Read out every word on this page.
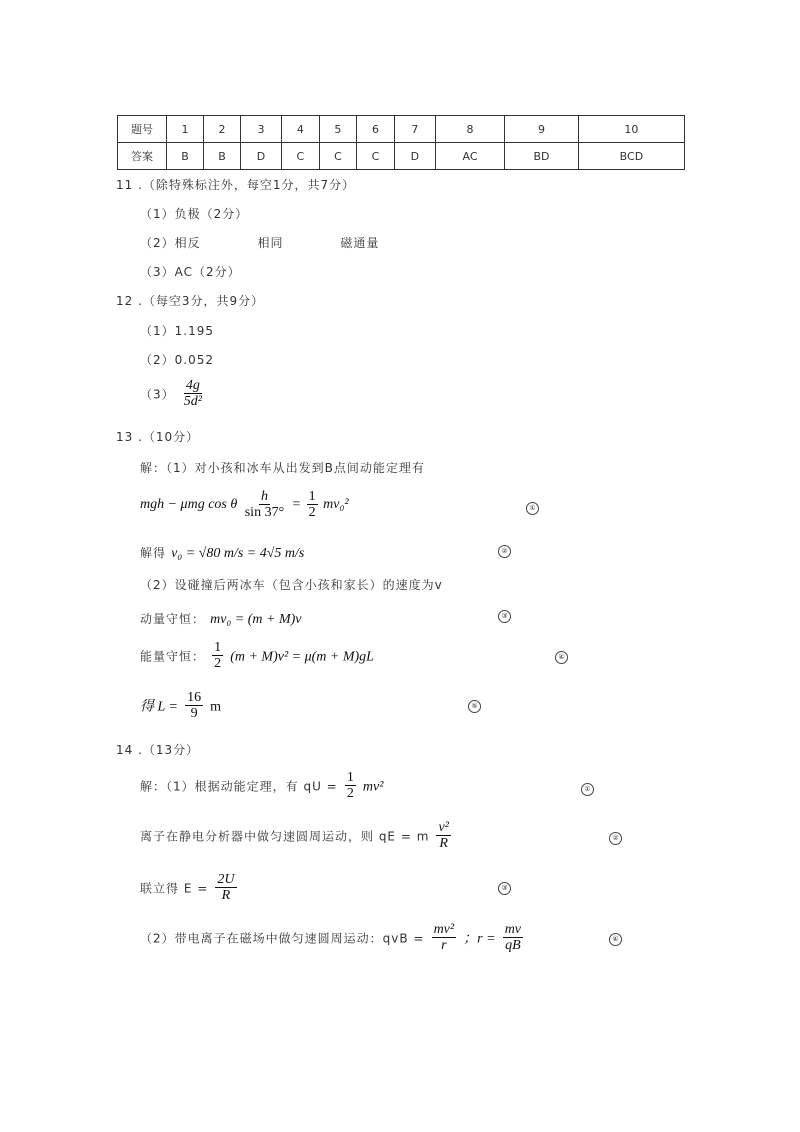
题号	1	2	3	4	5	6	7	8	9	10
答案	B	B	D	C	C	C	D	AC	BD	BCD
11 .（除特殊标注外，每空1分，共7分）
（1）负极（2分）
（2）相反	相同	磁通量
（3）AC（2分）
12 .（每空3分，共9分）
（1）1.195
（2）0.052
$(3) \frac{4g}{\text{5d²}}$
13 .（10分）
解：（1）对小孩和冰车从出发到B点间动能定理有
mgh − μmg cos θ $\frac{h}{\sin 37^\circ} = \frac{1}{2} mv_0^2$	①
解得 v₀ = √80 m/s = 4√5 m/s	②
（2）设碰撞后两冰车（包含小孩和家长）的速度为v
动量守恒： mv₀ = (m + M)v	③
能量守恒： $\frac{1}{2} (m + M)v^2 = \mu(m + M)gL$	④
得 $L = \frac{16}{9}$ m	⑤
14 .（13分）
解：（1）根据动能定理，有 qU = $\frac{1}{2} mv^2$	①
离子在静电分析器中做匀速圆周运动，则 qE = m $\frac{\text{v²}}{R}$	②
联立得 $E = \frac{2U}{R}$	③
（2）带电离子在磁场中做匀速圆周运动：qvB = $\frac{\text{mv²}}{r}$ ；$r = \frac{mv}{qB}$	④
